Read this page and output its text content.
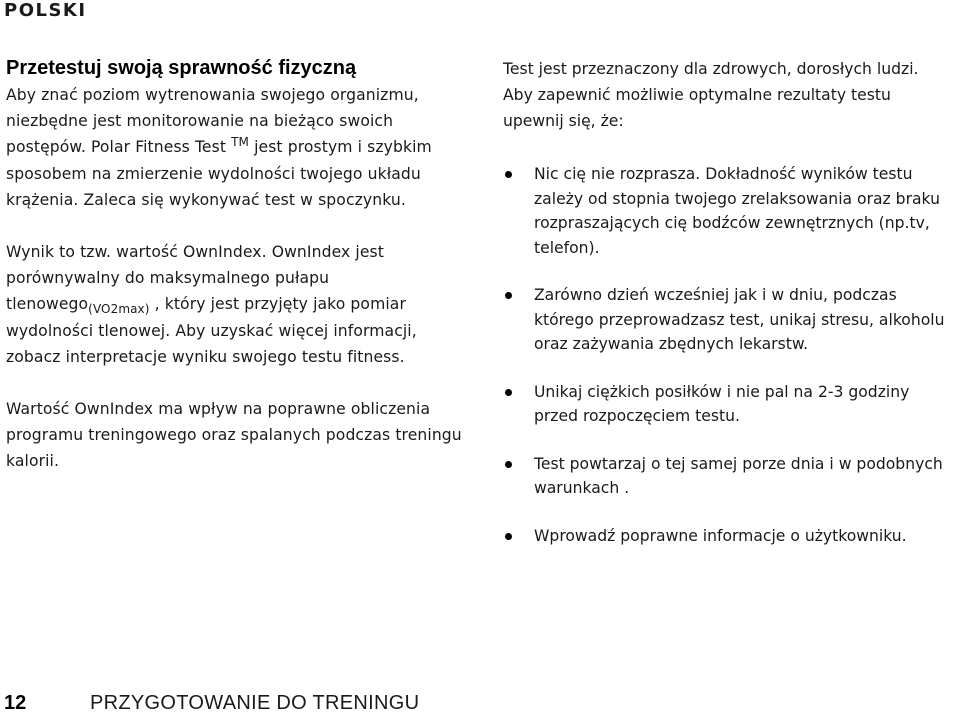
POLSKI
Przetestuj swoją sprawność fizyczną

Aby znać poziom wytrenowania swojego organizmu, niezbędne jest monitorowanie na bieżąco swoich postępów. Polar Fitness Test ™ jest prostym i szybkim sposobem na zmierzenie wydolności twojego układu krążenia. Zaleca się wykonywać test w spoczynku.

Wynik to tzw. wartość OwnIndex. OwnIndex jest porównywalny do maksymalnego pułapu tlenowego$_{(VO2max)}$ , który jest przyjęty jako pomiar wydolności tlenowej. Aby uzyskać więcej informacji, zobacz interpretacje wyniku swojego testu fitness.

Wartość OwnIndex ma wpływ na poprawne obliczenia programu treningowego oraz spalanych podczas treningu kalorii.

Test jest przeznaczony dla zdrowych, dorosłych ludzi. Aby zapewnić możliwie optymalne rezultaty testu upewnij się, że:

Nic cię nie rozprasza. Dokładność wyników testu zależy od stopnia twojego zrelaksowania oraz braku rozpraszających cię bodźców zewnętrznych (np.tv, telefon).
Zarówno dzień wcześniej jak i w dniu, podczas którego przeprowadzasz test, unikaj stresu, alkoholu oraz zażywania zbędnych lekarstw.
Unikaj ciężkich posiłków i nie pal na 2-3 godziny przed rozpoczęciem testu.
Test powtarzaj o tej samej porze dnia i w podobnych warunkach .
Wprowadź poprawne informacje o użytkowniku.
12	PRZYGOTOWANIE DO TRENINGU
